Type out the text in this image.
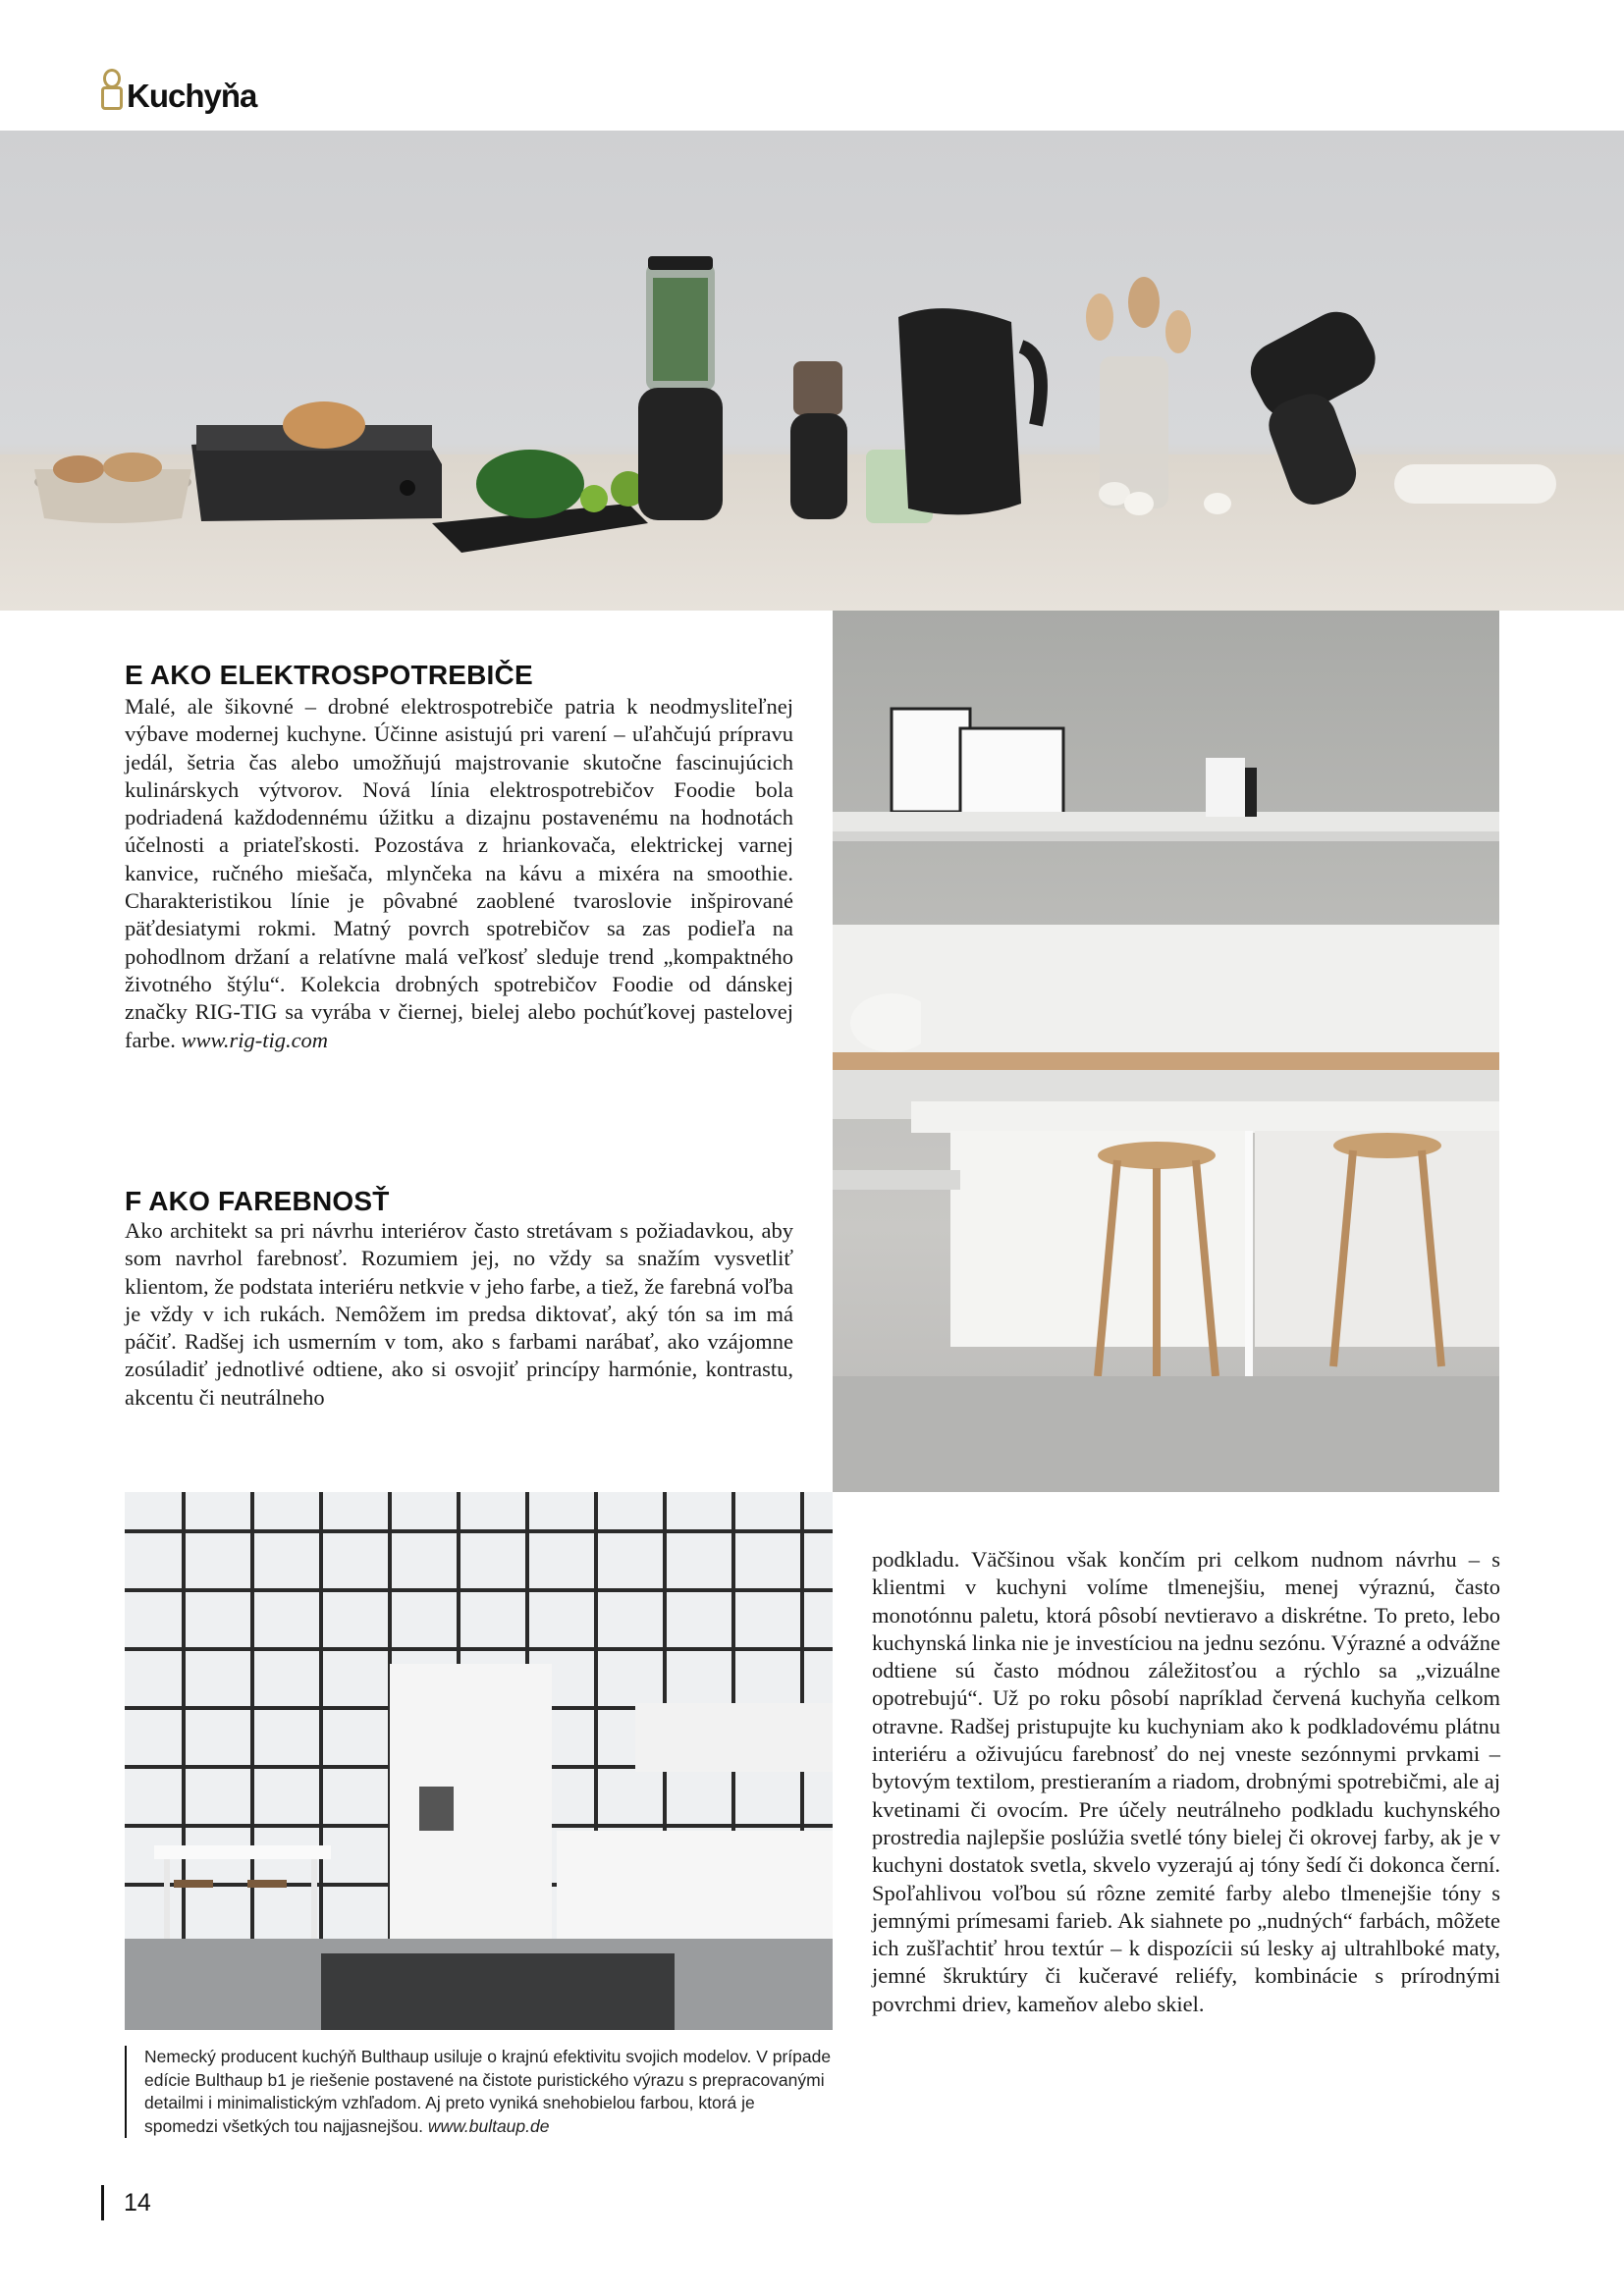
Kuchyňa
E AKO ELEKTROSPOTREBIČE

Malé, ale šikovné – drobné elektrospotrebiče patria k neodmysliteľnej výbave modernej kuchyne. Účinne asistujú pri varení – uľahčujú prípravu jedál, šetria čas alebo umožňujú majstrovanie skutočne fascinujúcich kulinárskych výtvorov. Nová línia elektrospotrebičov Foodie bola podriadená každodennému úžitku a dizajnu postavenému na hodnotách účelnosti a priateľskosti. Pozostáva z hriankovača, elektrickej varnej kanvice, ručného miešača, mlynčeka na kávu a mixéra na smoothie. Charakteristikou línie je pôvabné zaoblené tvaroslovie inšpirované päťdesiatymi rokmi. Matný povrch spotrebičov sa zas podieľa na pohodlnom držaní a relatívne malá veľkosť sleduje trend „kompaktného životného štýlu“. Kolekcia drobných spotrebičov Foodie od dánskej značky RIG-TIG sa vyrába v čiernej, bielej alebo pochúťkovej pastelovej farbe. www.rig-tig.com

F AKO FAREBNOSŤ

Ako architekt sa pri návrhu interiérov často stretávam s požiadavkou, aby som navrhol farebnosť. Rozumiem jej, no vždy sa snažím vysvetliť klientom, že podstata interiéru netkvie v jeho farbe, a tiež, že farebná voľba je vždy v ich rukách. Nemôžem im predsa diktovať, aký tón sa im má páčiť. Radšej ich usmerním v tom, ako s farbami narábať, ako vzájomne zosúladiť jednotlivé odtiene, ako si osvojiť princípy harmónie, kontrastu, akcentu či neutrálneho

podkladu. Väčšinou však končím pri celkom nudnom návrhu – s klientmi v kuchyni volíme tlmenejšiu, menej výraznú, často monotónnu paletu, ktorá pôsobí nevtieravo a diskrétne. To preto, lebo kuchynská linka nie je investíciou na jednu sezónu. Výrazné a odvážne odtiene sú často módnou záležitosťou a rýchlo sa „vizuálne opotrebujú“. Už po roku pôsobí napríklad červená kuchyňa celkom otravne. Radšej pristupujte ku kuchyniam ako k podkladovému plátnu interiéru a oživujúcu farebnosť do nej vneste sezónnymi prvkami – bytovým textilom, prestieraním a riadom, drobnými spotrebičmi, ale aj kvetinami či ovocím. Pre účely neutrálneho podkladu kuchynského prostredia najlepšie poslúžia svetlé tóny bielej či okrovej farby, ak je v kuchyni dostatok svetla, skvelo vyzerajú aj tóny šedí či dokonca černí. Spoľahlivou voľbou sú rôzne zemité farby alebo tlmenejšie tóny s jemnými prímesami farieb. Ak siahnete po „nudných“ farbách, môžete ich zušľachtiť hrou textúr – k dispozícii sú lesky aj ultrahlboké maty, jemné škruktúry či kučeravé reliéfy, kombinácie s prírodnými povrchmi driev, kameňov alebo skiel.

Nemecký producent kuchýň Bulthaup usiluje o krajnú efektivitu svojich modelov. V prípade edície Bulthaup b1 je riešenie postavené na čistote puristického výrazu s prepracovanými detailmi i minimalistickým vzhľadom. Aj preto vyniká snehobielou farbou, ktorá je spomedzi všetkých tou najjasnejšou. www.bultaup.de
14
